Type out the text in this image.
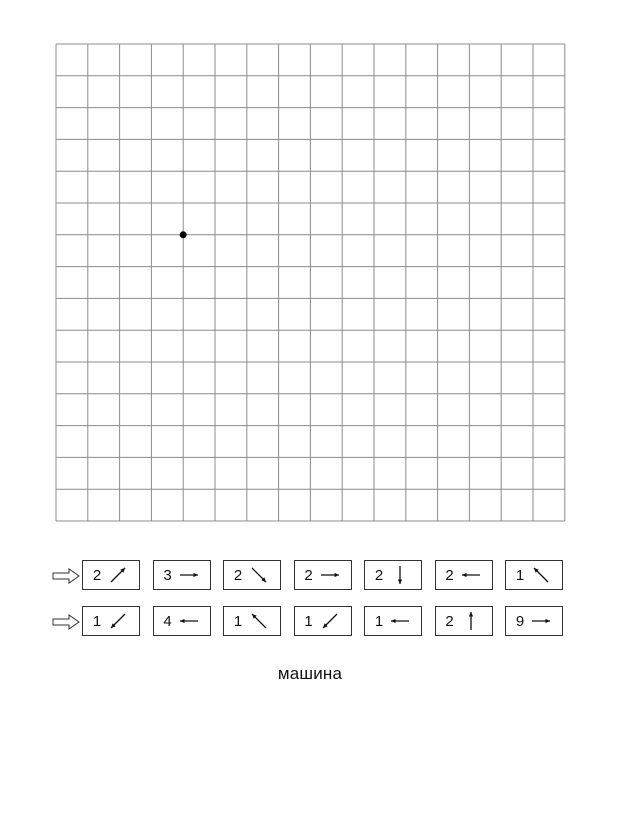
2	3	2	2	2	2	1
1	4	1	1	1	2	9
машина
